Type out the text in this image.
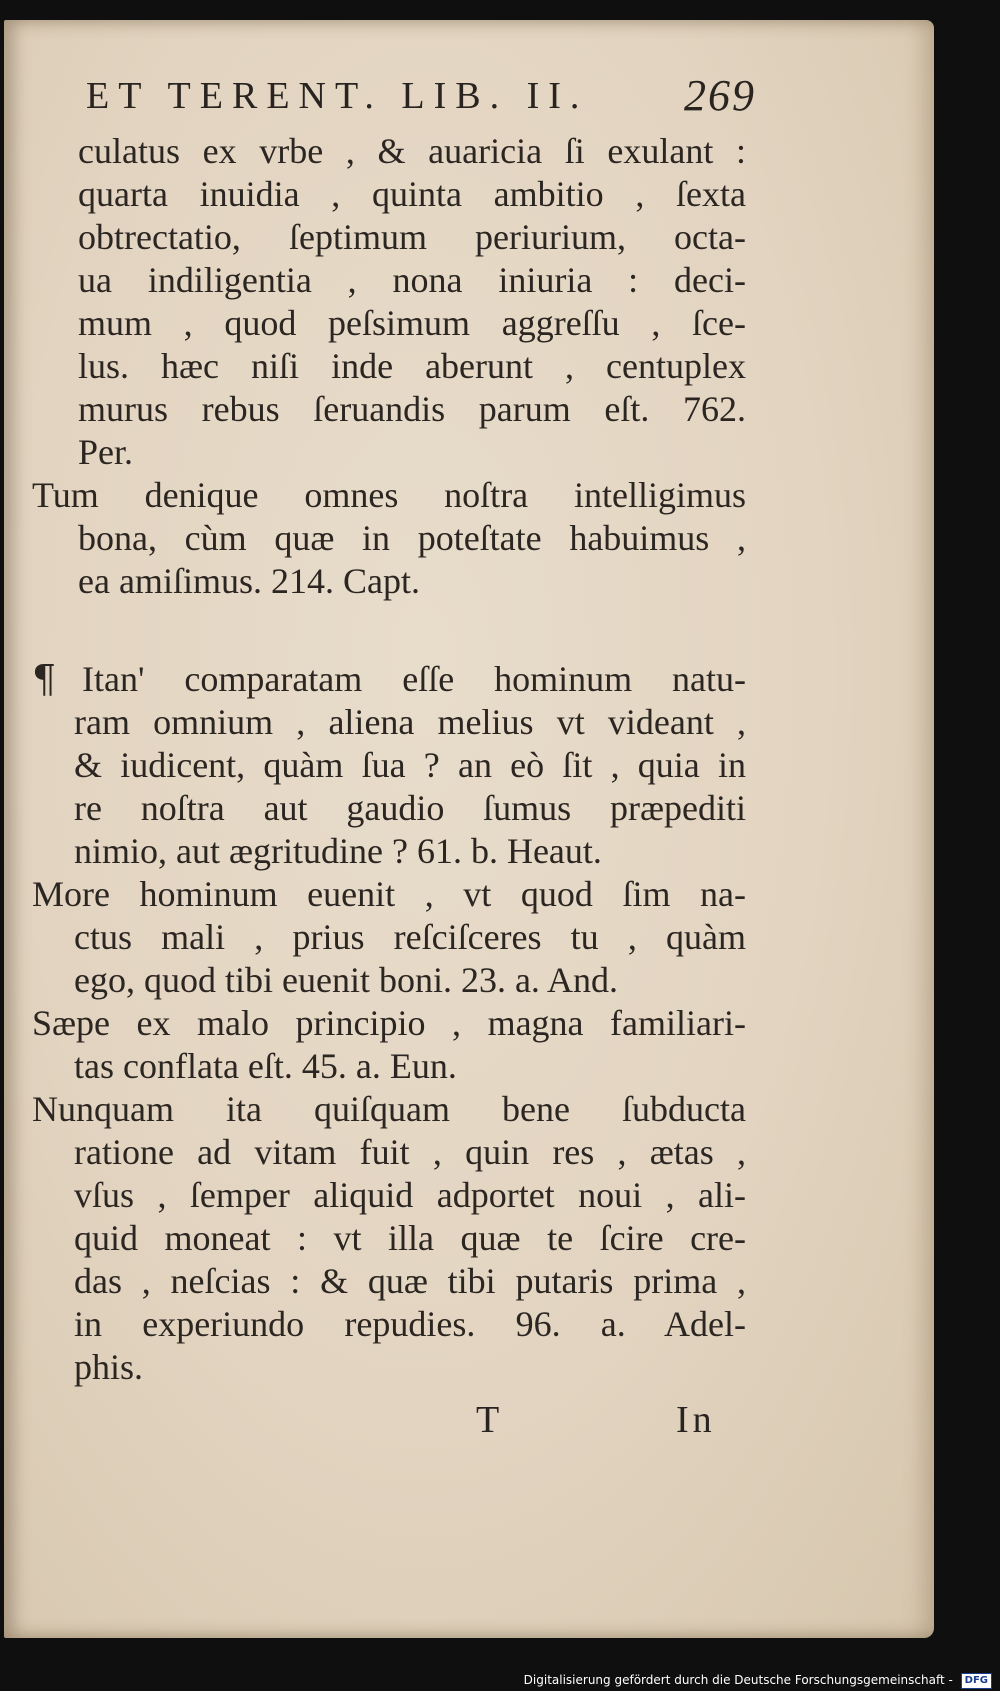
ET TERENT. LIB. II. 269
culatus ex vrbe , & auaricia ſi exulant :
quarta inuidia , quinta ambitio , ſexta
obtrectatio, ſeptimum periurium, octa-
ua indiligentia , nona iniuria : deci-
mum , quod peſsimum aggreſſu , ſce-
lus. hæc niſi inde aberunt , centuplex
murus rebus ſeruandis parum eſt. 762.
Per.
Tum denique omnes noſtra intelligimus
bona, cùm quæ in poteſtate habuimus ,
ea amiſimus. 214. Capt.
¶ Itan' comparatam eſſe hominum natu-
ram omnium , aliena melius vt videant ,
& iudicent, quàm ſua ? an eò ſit , quia in
re noſtra aut gaudio ſumus præpediti
nimio, aut ægritudine ? 61. b. Heaut.
More hominum euenit , vt quod ſim na-
ctus mali , prius reſciſceres tu , quàm
ego, quod tibi euenit boni. 23. a. And.
Sæpe ex malo principio , magna familiari-
tas conflata eſt. 45. a. Eun.
Nunquam ita quiſquam bene ſubducta
ratione ad vitam fuit , quin res , ætas ,
vſus , ſemper aliquid adportet noui , ali-
quid moneat : vt illa quæ te ſcire cre-
das , neſcias : & quæ tibi putaris prima ,
in experiundo repudies. 96. a. Adel-
phis.
T	In
Digitalisierung gefördert durch die Deutsche Forschungsgemeinschaft - DFG
